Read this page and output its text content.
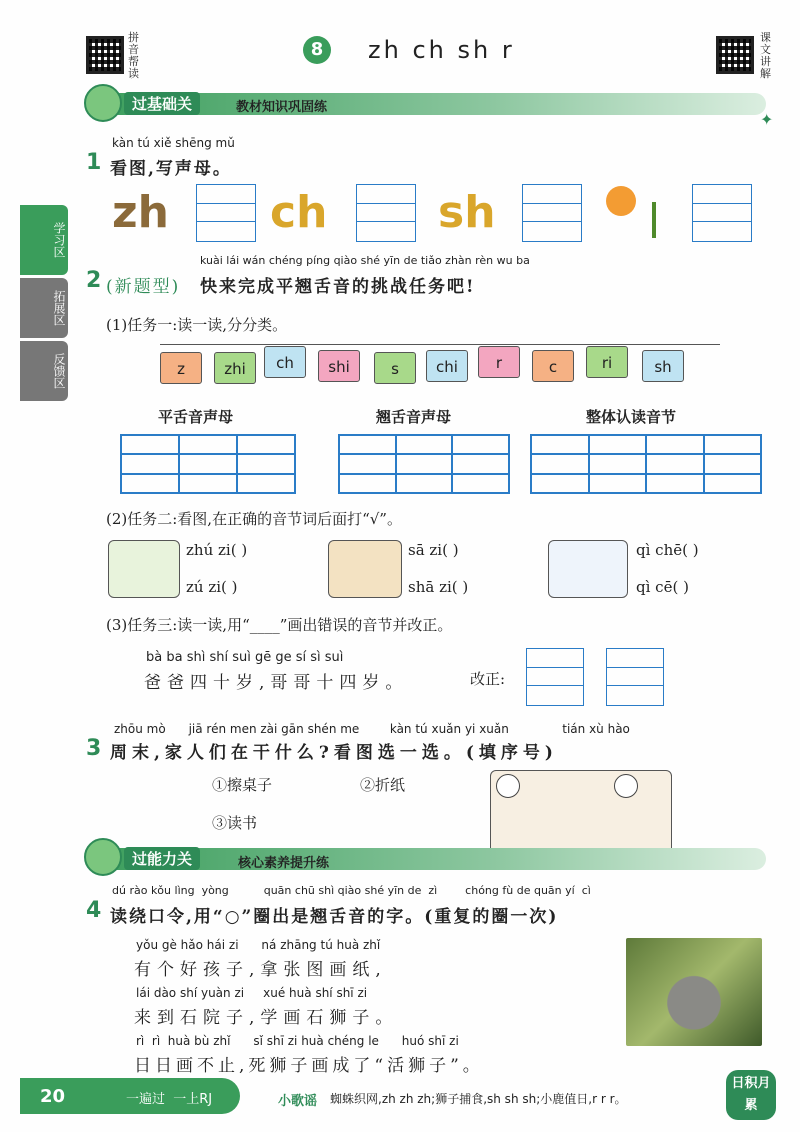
拼音帮读
8	zh ch sh r	课文讲解
过基础关	教材知识巩固练
✦
学习区
拓展区
反馈区
kàn tú xiě shēng mǔ
1 看图,写声母。
zh	ch	sh
kuài lái wán chéng píng qiào shé yīn de tiǎo zhàn rèn wu ba
2 (新题型) 快来完成平翘舌音的挑战任务吧!
(1)任务一:读一读,分分类。
z	zhi	ch	shi	s	chi	r	c	ri	sh
平舌音声母	翘舌音声母	整体认读音节
(2)任务二:看图,在正确的音节词后面打“√”。
zhú zi( )
zú zi( )
sā zi( )
shā zi( )
qì chē( )
qì cē( )
(3)任务三:读一读,用“____”画出错误的音节并改正。
bà ba shì shí suì gē ge sí sì suì
爸爸四十岁,哥哥十四岁。	改正:
zhōu mò      jiā rén men zài gān shén me        kàn tú xuǎn yi xuǎn              tián xù hào
3 周末,家人们在干什么?看图选一选。(填序号)
①擦桌子	②折纸
③读书
过能力关	核心素养提升练
dú rào kǒu lìng  yòng          quān chū shì qiào shé yīn de  zì        chóng fù de quān yí  cì
4 读绕口令,用“○”圈出是翘舌音的字。(重复的圈一次)
yǒu gè hǎo hái zi      ná zhāng tú huà zhǐ
有个好孩子,拿张图画纸,
lái dào shí yuàn zi     xué huà shí shī zi
来到石院子,学画石狮子。
rì  rì  huà bù zhǐ      sǐ shī zi huà chéng le      huó shī zi
日日画不止,死狮子画成了“活狮子”。
20	一遍过  一上RJ	小歌谣 蜘蛛织网,zh zh zh;狮子捕食,sh sh sh;小鹿值日,r r r。
日积月累
